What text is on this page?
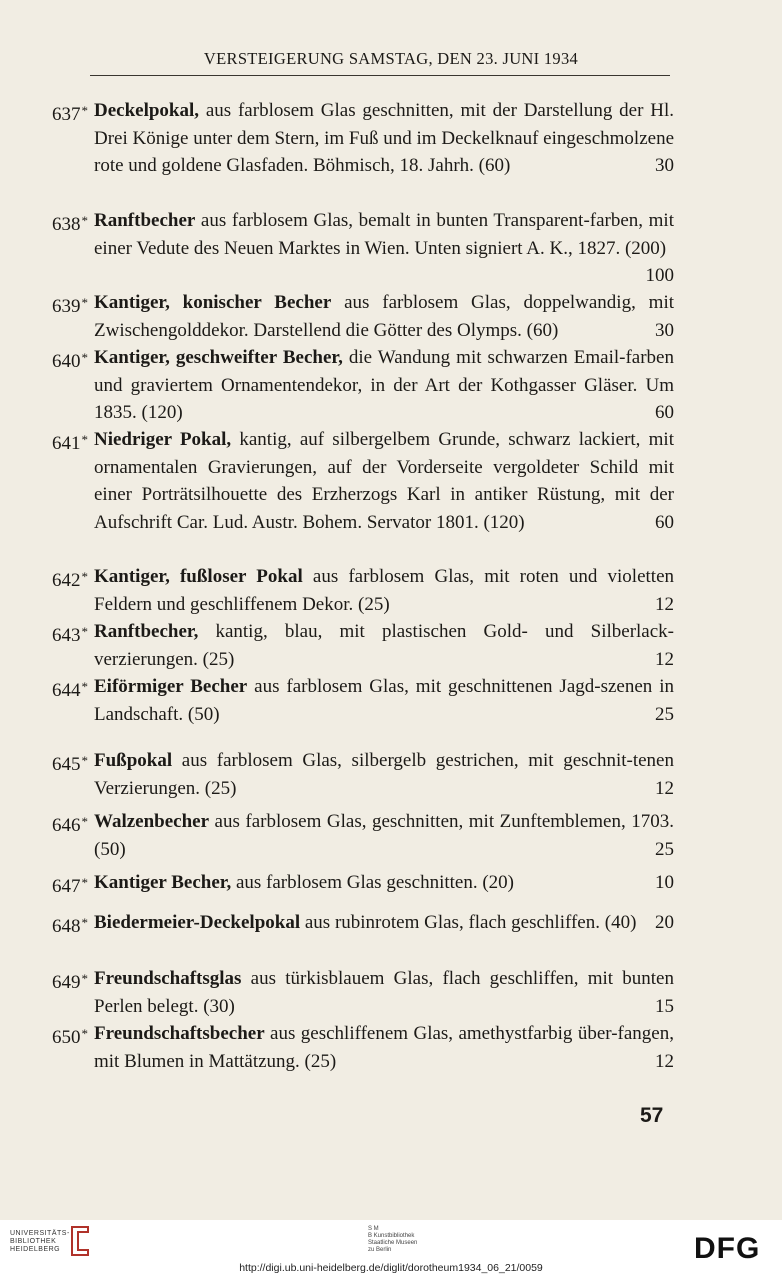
VERSTEIGERUNG SAMSTAG, DEN 23. JUNI 1934
637* Deckelpokal, aus farblosem Glas geschnitten, mit der Darstellung der Hl. Drei Könige unter dem Stern, im Fuß und im Deckelknauf eingeschmolzene rote und goldene Glasfaden. Böhmisch, 18. Jahrh. (60)	30
638* Ranftbecher aus farblosem Glas, bemalt in bunten Transparent-farben, mit einer Vedute des Neuen Marktes in Wien. Unten signiert A. K., 1827. (200)
100
639* Kantiger, konischer Becher aus farblosem Glas, doppelwandig, mit Zwischengolddekor. Darstellend die Götter des Olymps. (60)	30
640* Kantiger, geschweifter Becher, die Wandung mit schwarzen Email-farben und graviertem Ornamentendekor, in der Art der Kothgasser Gläser. Um 1835. (120)	60
641* Niedriger Pokal, kantig, auf silbergelbem Grunde, schwarz lackiert, mit ornamentalen Gravierungen, auf der Vorderseite vergoldeter Schild mit einer Porträtsilhouette des Erzherzogs Karl in antiker Rüstung, mit der Aufschrift Car. Lud. Austr. Bohem. Servator 1801. (120)	60
642* Kantiger, fußloser Pokal aus farblosem Glas, mit roten und violetten Feldern und geschliffenem Dekor. (25)	12
643* Ranftbecher, kantig, blau, mit plastischen Gold- und Silberlack-verzierungen. (25)	12
644* Eiförmiger Becher aus farblosem Glas, mit geschnittenen Jagd-szenen in Landschaft. (50)	25
645* Fußpokal aus farblosem Glas, silbergelb gestrichen, mit geschnit-tenen Verzierungen. (25)	12
646* Walzenbecher aus farblosem Glas, geschnitten, mit Zunftemblemen, 1703. (50)	25
647* Kantiger Becher, aus farblosem Glas geschnitten. (20)	10
648* Biedermeier-Deckelpokal aus rubinrotem Glas, flach geschliffen. (40) 20
649* Freundschaftsglas aus türkisblauem Glas, flach geschliffen, mit bunten Perlen belegt. (30)	15
650* Freundschaftsbecher aus geschliffenem Glas, amethystfarbig über-fangen, mit Blumen in Mattätzung. (25)	12
57
UNIVERSITÄTS-
BIBLIOTHEK
HEIDELBERG
S M
B Kunstbibliothek
Staatliche Museen
zu Berlin	DFG
http://digi.ub.uni-heidelberg.de/diglit/dorotheum1934_06_21/0059
